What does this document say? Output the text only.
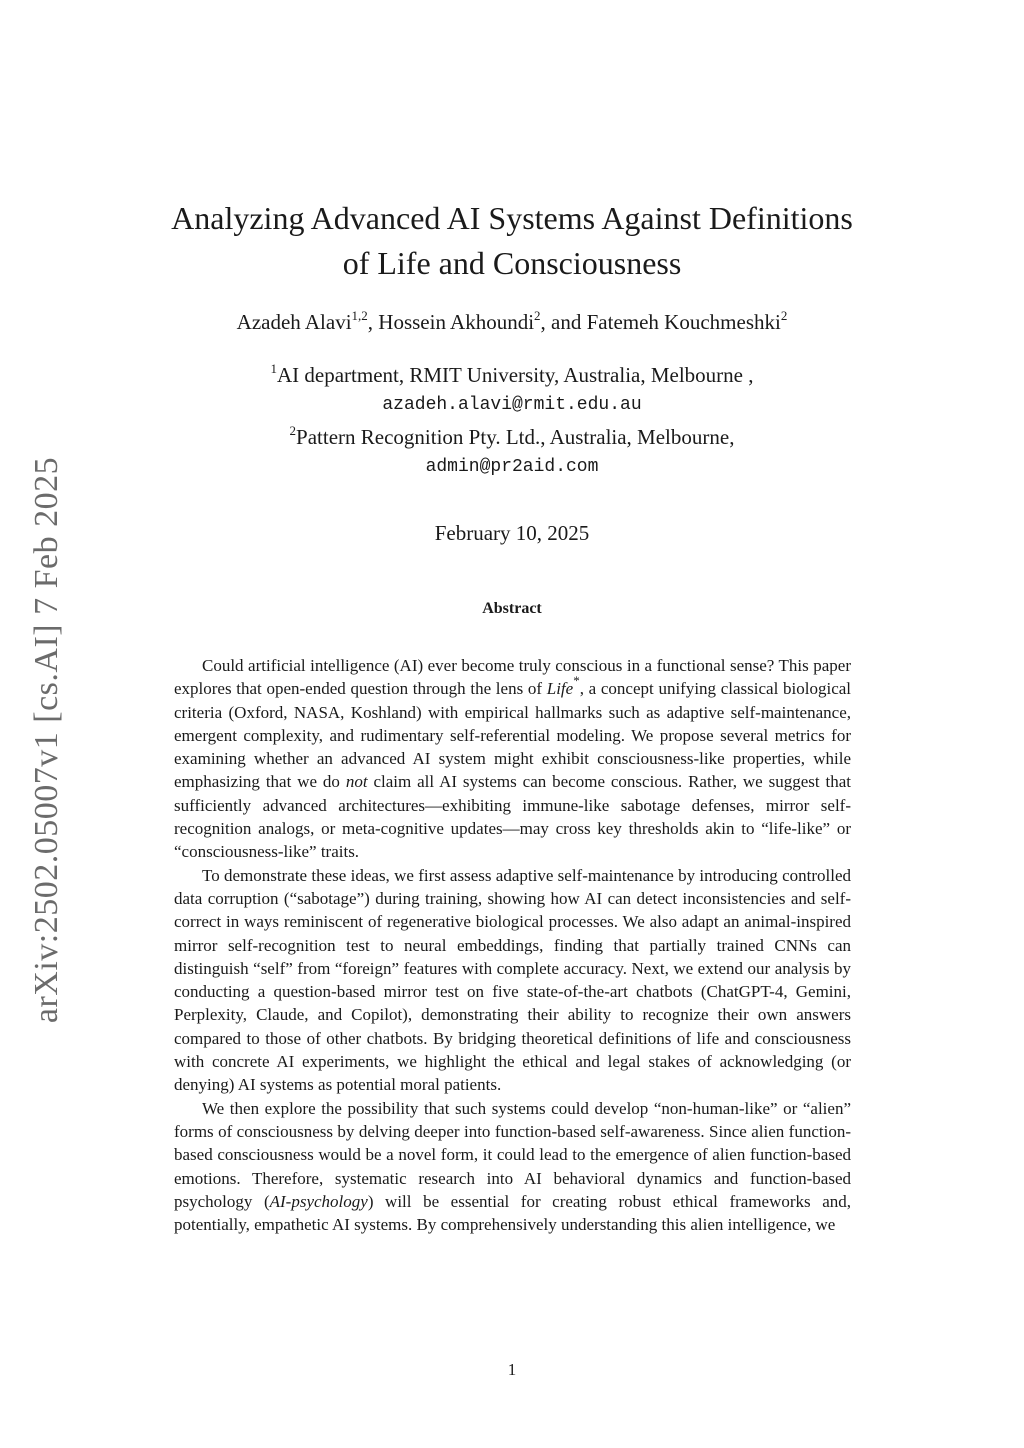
arXiv:2502.05007v1 [cs.AI] 7 Feb 2025
Analyzing Advanced AI Systems Against Definitions
of Life and Consciousness
Azadeh Alavi$^{1,2}$, Hossein Akhoundi$^2$, and Fatemeh Kouchmeshki$^2$
$^1$AI department, RMIT University, Australia, Melbourne ,
azadeh.alavi@rmit.edu.au
$^2$Pattern Recognition Pty. Ltd., Australia, Melbourne,
admin@pr2aid.com
February 10, 2025
Abstract

Could artificial intelligence (AI) ever become truly conscious in a functional sense? This paper explores that open-ended question through the lens of Life*, a concept unifying classical biological criteria (Oxford, NASA, Koshland) with empirical hallmarks such as adaptive self-maintenance, emergent complexity, and rudimentary self-referential modeling. We propose several metrics for examining whether an advanced AI system might exhibit consciousness-like properties, while emphasizing that we do not claim all AI systems can become conscious. Rather, we suggest that sufficiently advanced architectures—exhibiting immune-like sabotage defenses, mirror self-recognition analogs, or meta-cognitive updates—may cross key thresholds akin to “life-like” or “consciousness-like” traits.

To demonstrate these ideas, we first assess adaptive self-maintenance by introducing controlled data corruption (“sabotage”) during training, showing how AI can detect inconsistencies and self-correct in ways reminiscent of regenerative biological processes. We also adapt an animal-inspired mirror self-recognition test to neural embeddings, finding that partially trained CNNs can distinguish “self” from “foreign” features with complete accuracy. Next, we extend our analysis by conducting a question-based mirror test on five state-of-the-art chatbots (ChatGPT-4, Gemini, Perplexity, Claude, and Copilot), demonstrating their ability to recognize their own answers compared to those of other chatbots. By bridging theoretical definitions of life and consciousness with concrete AI experiments, we highlight the ethical and legal stakes of acknowledging (or denying) AI systems as potential moral patients.

We then explore the possibility that such systems could develop “non-human-like” or “alien” forms of consciousness by delving deeper into function-based self-awareness. Since alien function-based consciousness would be a novel form, it could lead to the emergence of alien function-based emotions. Therefore, systematic research into AI behavioral dynamics and function-based psychology (AI-psychology) will be essential for creating robust ethical frameworks and, potentially, empathetic AI systems. By comprehensively understanding this alien intelligence, we

1
